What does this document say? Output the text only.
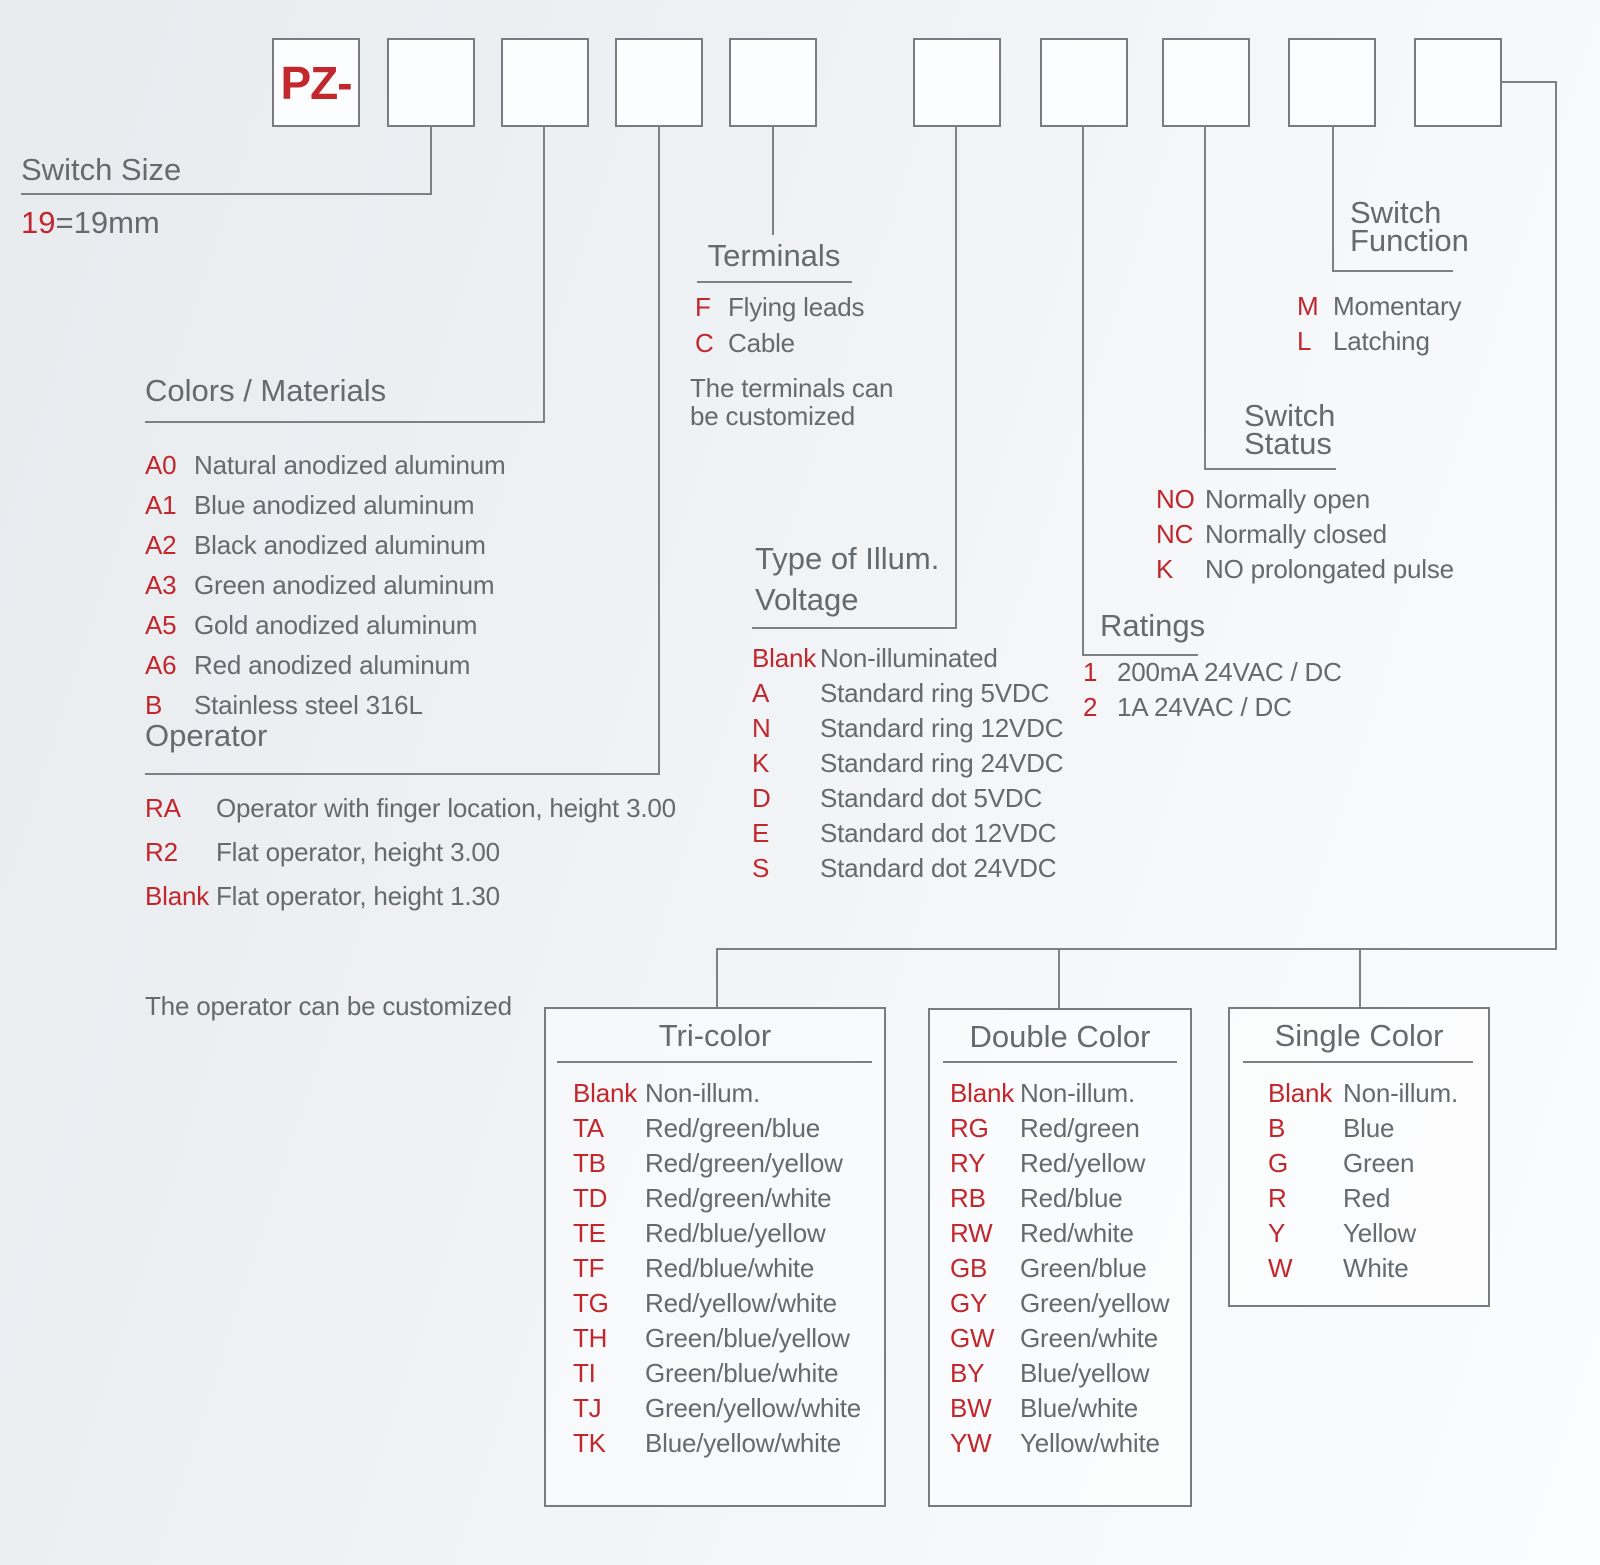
PZ-
Switch Size
19=19mm
Colors / Materials
A0 Natural anodized aluminum
A1 Blue anodized aluminum
A2 Black anodized aluminum
A3 Green anodized aluminum
A5 Gold anodized aluminum
A6 Red anodized aluminum
B	Stainless steel 316L
Operator
RA	Operator with finger location, height 3.00
R2	Flat operator, height 3.00
Blank Flat operator, height 1.30
The operator can be customized
Terminals
F Flying leads
C Cable
The terminals can
be customized
Type of Illum.
Voltage
Blank Non-illuminated
A	Standard ring 5VDC
N	Standard ring 12VDC
K	Standard ring 24VDC
D	Standard dot 5VDC
E	Standard dot 12VDC
S	Standard dot 24VDC
Ratings
1 200mA 24VAC / DC
2 1A 24VAC / DC
Switch
Status
NO Normally open
NC Normally closed
K	NO prolongated pulse
Switch
Function
M Momentary
L Latching
Tri-color
Blank Non-illum.
TA	Red/green/blue
TB	Red/green/yellow
TD	Red/green/white
TE	Red/blue/yellow
TF	Red/blue/white
TG	Red/yellow/white
TH	Green/blue/yellow
TI	Green/blue/white
TJ	Green/yellow/white
TK	Blue/yellow/white
Double Color
Blank Non-illum.
RG	Red/green
RY	Red/yellow
RB	Red/blue
RW	Red/white
GB	Green/blue
GY	Green/yellow
GW Green/white
BY	Blue/yellow
BW	Blue/white
YW	Yellow/white
Single Color
Blank Non-illum.
B	Blue
G	Green
R	Red
Y	Yellow
W	White
